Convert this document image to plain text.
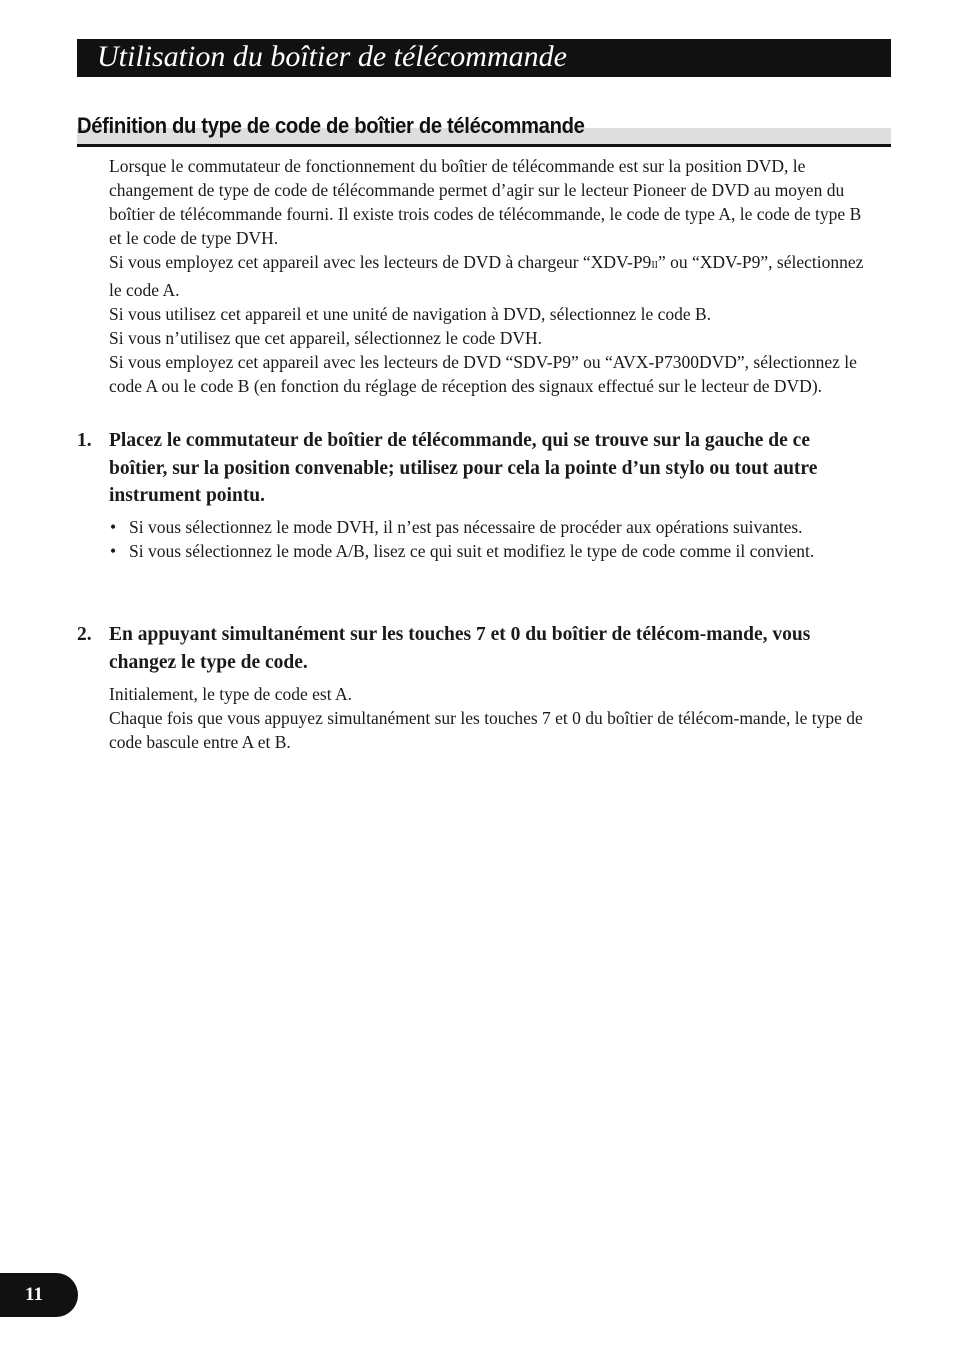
Utilisation du boîtier de télécommande
Définition du type de code de boîtier de télécommande

Lorsque le commutateur de fonctionnement du boîtier de télécommande est sur la position DVD, le changement de type de code de télécommande permet d’agir sur le lecteur Pioneer de DVD au moyen du boîtier de télécommande fourni. Il existe trois codes de télécommande, le code de type A, le code de type B et le code de type DVH.

Si vous employez cet appareil avec les lecteurs de DVD à chargeur “XDV-P9II” ou “XDV-P9”, sélectionnez le code A.

Si vous utilisez cet appareil et une unité de navigation à DVD, sélectionnez le code B.

Si vous n’utilisez que cet appareil, sélectionnez le code DVH.

Si vous employez cet appareil avec les lecteurs de DVD “SDV-P9” ou “AVX-P7300DVD”, sélectionnez le code A ou le code B (en fonction du réglage de réception des signaux effectué sur le lecteur de DVD).

1. Placez le commutateur de boîtier de télécommande, qui se trouve sur la gauche de ce boîtier, sur la position convenable; utilisez pour cela la pointe d’un stylo ou tout autre instrument pointu.
• Si vous sélectionnez le mode DVH, il n’est pas nécessaire de procéder aux opérations suivantes.
• Si vous sélectionnez le mode A/B, lisez ce qui suit et modifiez le type de code comme il convient.
2. En appuyant simultanément sur les touches 7 et 0 du boîtier de télécom-mande, vous changez le type de code.

Initialement, le type de code est A.

Chaque fois que vous appuyez simultanément sur les touches 7 et 0 du boîtier de télécom-mande, le type de code bascule entre A et B.

11
